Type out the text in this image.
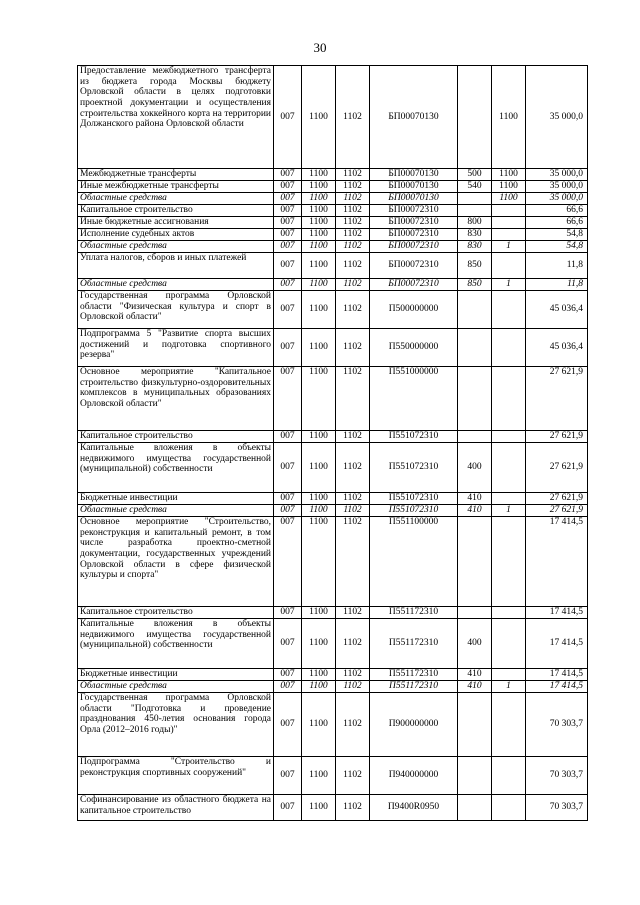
30
Предоставление межбюджетного трансферта из бюджета города Москвы бюджету Орловской области в целях подготовки проектной документации и осуществления строительства хоккейного корта на территории Должанского района Орловской области	007	1100	1102	БП00070130		1100	35 000,0
Межбюджетные трансферты	007	1100	1102	БП00070130	500	1100	35 000,0
Иные межбюджетные трансферты	007	1100	1102	БП00070130	540	1100	35 000,0
Областные средства	007	1100	1102	БП00070130		1100	35 000,0
Капитальное строительство	007	1100	1102	БП00072310			66,6
Иные бюджетные ассигнования	007	1100	1102	БП00072310	800		66,6
Исполнение судебных актов	007	1100	1102	БП00072310	830		54,8
Областные средства	007	1100	1102	БП00072310	830	1	54,8
Уплата налогов, сборов и иных платежей	007	1100	1102	БП00072310	850		11,8
Областные средства	007	1100	1102	БП00072310	850	1	11,8
Государственная программа Орловской области "Физическая культура и спорт в Орловской области"	007	1100	1102	П500000000			45 036,4
Подпрограмма 5 "Развитие спорта высших достижений и подготовка спортивного резерва"	007	1100	1102	П550000000			45 036,4
Основное мероприятие "Капитальное строительство физкультурно-оздоровительных комплексов в муниципальных образованиях Орловской области"	007	1100	1102	П551000000			27 621,9
Капитальное строительство	007	1100	1102	П551072310			27 621,9
Капитальные вложения в объекты недвижимого имущества государственной (муниципальной) собственности	007	1100	1102	П551072310	400		27 621,9
Бюджетные инвестиции	007	1100	1102	П551072310	410		27 621,9
Областные средства	007	1100	1102	П551072310	410	1	27 621,9
Основное мероприятие "Строительство, реконструкция и капитальный ремонт, в том числе разработка проектно-сметной документации, государственных учреждений Орловской области в сфере физической культуры и спорта"	007	1100	1102	П551100000			17 414,5
Капитальное строительство	007	1100	1102	П551172310			17 414,5
Капитальные вложения в объекты недвижимого имущества государственной (муниципальной) собственности	007	1100	1102	П551172310	400		17 414,5
Бюджетные инвестиции	007	1100	1102	П551172310	410		17 414,5
Областные средства	007	1100	1102	П551172310	410	1	17 414,5
Государственная программа Орловской области "Подготовка и проведение празднования 450-летия основания города Орла (2012–2016 годы)"	007	1100	1102	П900000000			70 303,7
Подпрограмма "Строительство и реконструкция спортивных сооружений"	007	1100	1102	П940000000			70 303,7
Софинансирование из областного бюджета на капитальное строительство	007	1100	1102	П9400R0950			70 303,7
